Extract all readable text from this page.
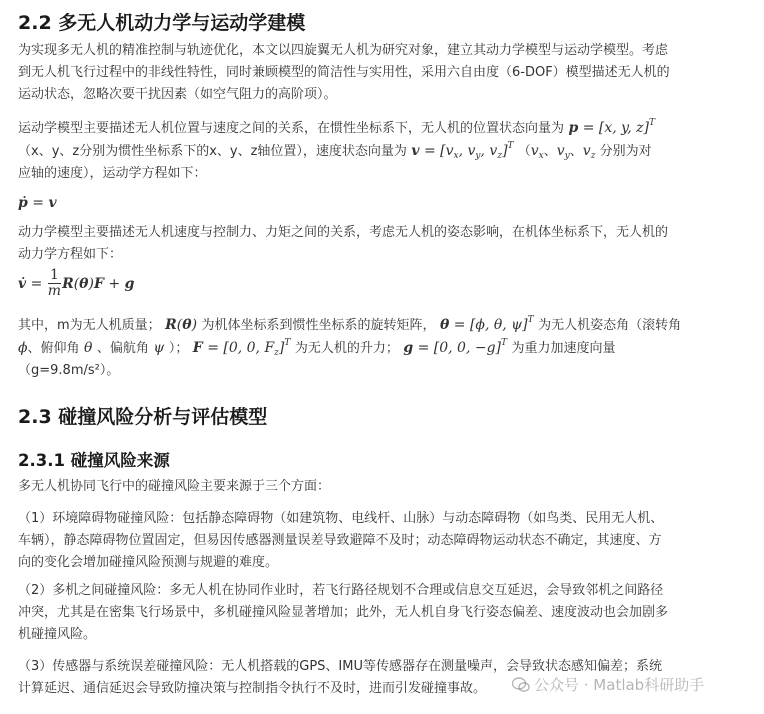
2.2 多无人机动力学与运动学建模
为实现多无人机的精准控制与轨迹优化，本文以四旋翼无人机为研究对象，建立其动力学模型与运动学模型。考虑
到无人机飞行过程中的非线性特性，同时兼顾模型的简洁性与实用性，采用六自由度（6-DOF）模型描述无人机的
运动状态，忽略次要干扰因素（如空气阻力的高阶项）。
运动学模型主要描述无人机位置与速度之间的关系，在惯性坐标系下，无人机的位置状态向量为 p = [x, y, z]$^T$
（x、y、z分别为惯性坐标系下的x、y、z轴位置），速度状态向量为 $v = [v_x$, $v_y$, $v_z]^T$ （$v_x$、$v_y$、$v_z$ 分别为对
应轴的速度），运动学方程如下：
ṗ = v
动力学模型主要描述无人机速度与控制力、力矩之间的关系，考虑无人机的姿态影响，在机体坐标系下，无人机的
动力学方程如下：
v̇ = $\frac{1}{m} R(\theta)F + g$
其中，m为无人机质量； R(θ) 为机体坐标系到惯性坐标系的旋转矩阵， θ = [ϕ, θ, ψ]$^T$ 为无人机姿态角（滚转角
ϕ、俯仰角 θ 、偏航角 ψ ）； F = [0, 0, $F_z]^T$ 为无人机的升力； g = [0, 0, −g]$^T$ 为重力加速度向量
（g=9.8m/s²）。
2.3 碰撞风险分析与评估模型
2.3.1 碰撞风险来源
多无人机协同飞行中的碰撞风险主要来源于三个方面：
（1）环境障碍物碰撞风险：包括静态障碍物（如建筑物、电线杆、山脉）与动态障碍物（如鸟类、民用无人机、
车辆），静态障碍物位置固定，但易因传感器测量误差导致避障不及时；动态障碍物运动状态不确定，其速度、方
向的变化会增加碰撞风险预测与规避的难度。
（2）多机之间碰撞风险：多无人机在协同作业时，若飞行路径规划不合理或信息交互延迟，会导致邻机之间路径
冲突，尤其是在密集飞行场景中，多机碰撞风险显著增加；此外，无人机自身飞行姿态偏差、速度波动也会加剧多
机碰撞风险。
（3）传感器与系统误差碰撞风险：无人机搭载的GPS、IMU等传感器存在测量噪声，会导致状态感知偏差；系统
计算延迟、通信延迟会导致防撞决策与控制指令执行不及时，进而引发碰撞事故。	公众号 · Matlab科研助手
